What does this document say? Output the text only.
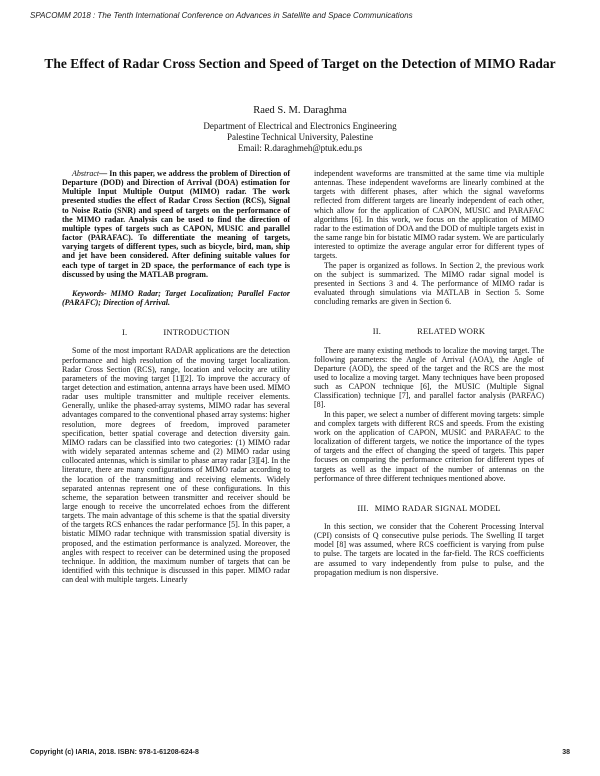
SPACOMM 2018 : The Tenth International Conference on Advances in Satellite and Space Communications
The Effect of Radar Cross Section and Speed of Target on the Detection of MIMO Radar
Raed S. M. Daraghma
Department of Electrical and Electronics Engineering
Palestine Technical University, Palestine
Email: R.daraghmeh@ptuk.edu.ps

Abstract— In this paper, we address the problem of Direction of Departure (DOD) and Direction of Arrival (DOA) estimation for Multiple Input Multiple Output (MIMO) radar. The work presented studies the effect of Radar Cross Section (RCS), Signal to Noise Ratio (SNR) and speed of targets on the performance of the MIMO radar. Analysis can be used to find the direction of multiple types of targets such as CAPON, MUSIC and parallel factor (PARAFAC). To differentiate the meaning of targets, varying targets of different types, such as bicycle, bird, man, ship and jet have been considered. After defining suitable values for each type of target in 2D space, the performance of each type is discussed by using the MATLAB program.

Keywords- MIMO Radar; Target Localization; Parallel Factor (PARAFC); Direction of Arrival.

I.	INTRODUCTION

Some of the most important RADAR applications are the detection performance and high resolution of the moving target localization. Radar Cross Section (RCS), range, location and velocity are utility parameters of the moving target [1][2]. To improve the accuracy of target detection and estimation, antenna arrays have been used. MIMO radar uses multiple transmitter and multiple receiver elements. Generally, unlike the phased-array systems, MIMO radar has several advantages compared to the conventional phased array systems: higher resolution, more degrees of freedom, improved parameter specification, better spatial coverage and detection diversity gain. MIMO radars can be classified into two categories: (1) MIMO radar with widely separated antennas scheme and (2) MIMO radar using collocated antennas, which is similar to phase array radar [3][4]. In the literature, there are many configurations of MIMO radar according to the location of the transmitting and receiving elements. Widely separated antennas represent one of these configurations. In this scheme, the separation between transmitter and receiver should be large enough to receive the uncorrelated echoes from the different targets. The main advantage of this scheme is that the spatial diversity of the targets RCS enhances the radar performance [5]. In this paper, a bistatic MIMO radar technique with transmission spatial diversity is proposed, and the estimation performance is analyzed. Moreover, the angles with respect to receiver can be determined using the proposed technique. In addition, the maximum number of targets that can be identified with this technique is discussed in this paper. MIMO radar can deal with multiple targets. Linearly

independent waveforms are transmitted at the same time via multiple antennas. These independent waveforms are linearly combined at the targets with different phases, after which the signal waveforms reflected from different targets are linearly independent of each other, which allow for the application of CAPON, MUSIC and PARAFAC algorithms [6]. In this work, we focus on the application of MIMO radar to the estimation of DOA and the DOD of multiple targets exist in the same range bin for bistatic MIMO radar system. We are particularly interested to optimize the average angular error for different types of targets.

The paper is organized as follows. In Section 2, the previous work on the subject is summarized. The MIMO radar signal model is presented in Sections 3 and 4. The performance of MIMO radar is evaluated through simulations via MATLAB in Section 5. Some concluding remarks are given in Section 6.

II.	RELATED WORK

There are many existing methods to localize the moving target. The following parameters: the Angle of Arrival (AOA), the Angle of Departure (AOD), the speed of the target and the RCS are the most used to localize a moving target. Many techniques have been proposed such as CAPON technique [6], the MUSIC (Multiple Signal Classification) technique [7], and parallel factor analysis (PARFAC) [8].

In this paper, we select a number of different moving targets: simple and complex targets with different RCS and speeds. From the existing work on the application of CAPON, MUSIC and PARAFAC to the localization of different targets, we notice the importance of the types of targets and the effect of changing the speed of targets. This paper focuses on comparing the performance criterion for different types of targets as well as the impact of the number of antennas on the performance of three different techniques mentioned above.

III. MIMO RADAR SIGNAL MODEL

In this section, we consider that the Coherent Processing Interval (CPI) consists of Q consecutive pulse periods. The Swelling II target model [8] was assumed, where RCS coefficient is varying from pulse to pulse. The targets are located in the far-field. The RCS coefficients are assumed to vary independently from pulse to pulse, and the propagation medium is non dispersive.

Copyright (c) IARIA, 2018. ISBN: 978-1-61208-624-8	38
